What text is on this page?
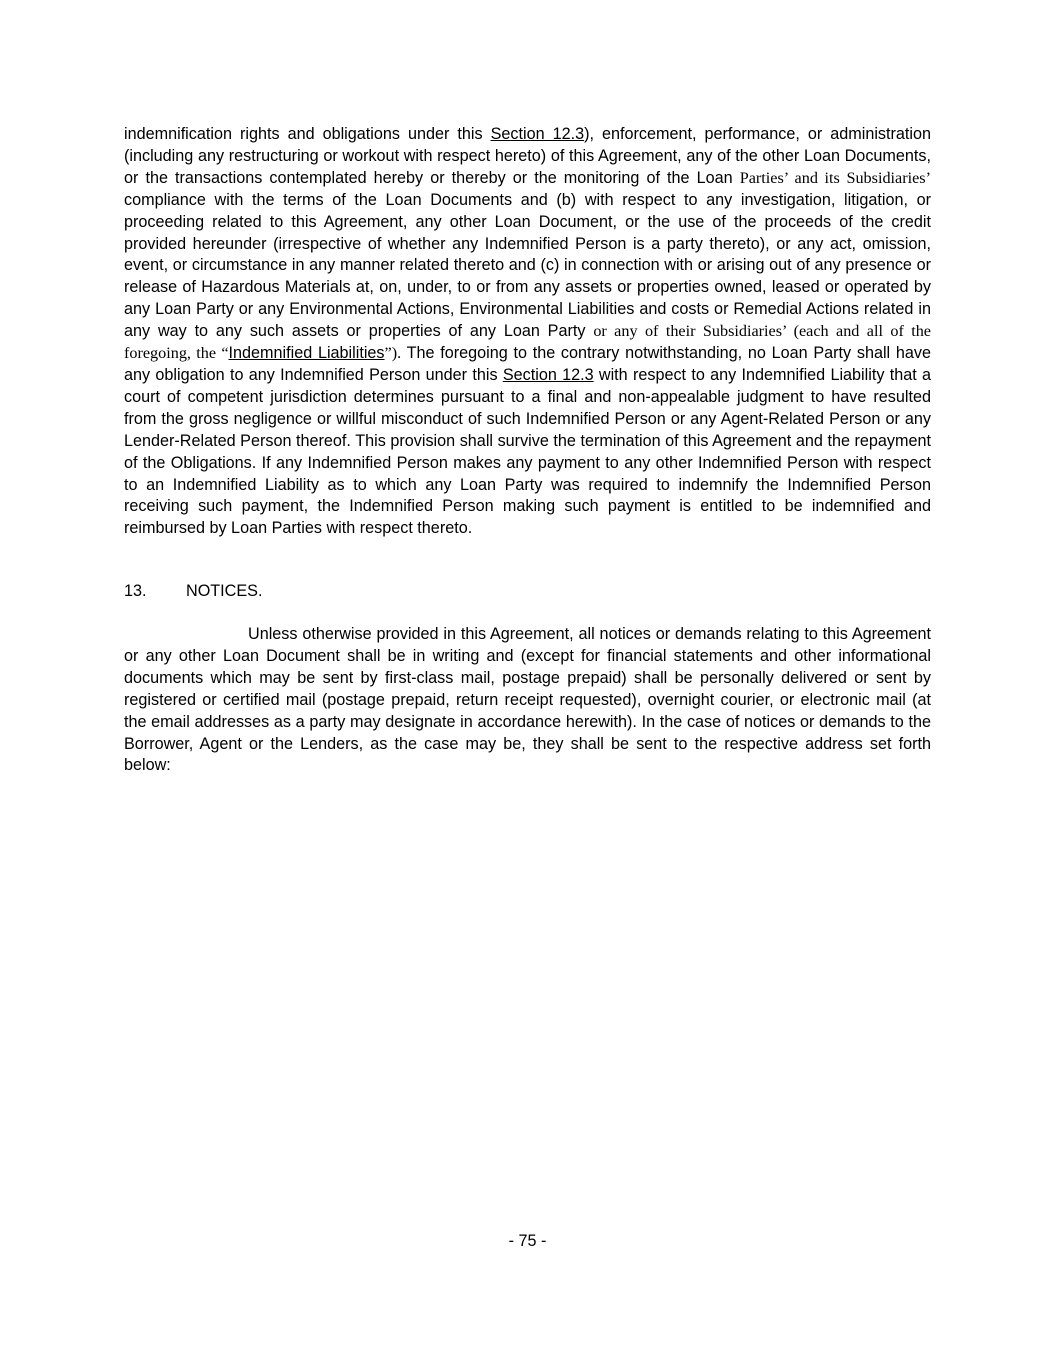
indemnification rights and obligations under this Section 12.3), enforcement, performance, or administration (including any restructuring or workout with respect hereto) of this Agreement, any of the other Loan Documents, or the transactions contemplated hereby or thereby or the monitoring of the Loan Parties’ and its Subsidiaries’ compliance with the terms of the Loan Documents and (b) with respect to any investigation, litigation, or proceeding related to this Agreement, any other Loan Document, or the use of the proceeds of the credit provided hereunder (irrespective of whether any Indemnified Person is a party thereto), or any act, omission, event, or circumstance in any manner related thereto and (c) in connection with or arising out of any presence or release of Hazardous Materials at, on, under, to or from any assets or properties owned, leased or operated by any Loan Party or any Environmental Actions, Environmental Liabilities and costs or Remedial Actions related in any way to any such assets or properties of any Loan Party or any of their Subsidiaries’ (each and all of the foregoing, the “Indemnified Liabilities”). The foregoing to the contrary notwithstanding, no Loan Party shall have any obligation to any Indemnified Person under this Section 12.3 with respect to any Indemnified Liability that a court of competent jurisdiction determines pursuant to a final and non-appealable judgment to have resulted from the gross negligence or willful misconduct of such Indemnified Person or any Agent-Related Person or any Lender-Related Person thereof. This provision shall survive the termination of this Agreement and the repayment of the Obligations. If any Indemnified Person makes any payment to any other Indemnified Person with respect to an Indemnified Liability as to which any Loan Party was required to indemnify the Indemnified Person receiving such payment, the Indemnified Person making such payment is entitled to be indemnified and reimbursed by Loan Parties with respect thereto.
13. NOTICES.
Unless otherwise provided in this Agreement, all notices or demands relating to this Agreement or any other Loan Document shall be in writing and (except for financial statements and other informational documents which may be sent by first-class mail, postage prepaid) shall be personally delivered or sent by registered or certified mail (postage prepaid, return receipt requested), overnight courier, or electronic mail (at the email addresses as a party may designate in accordance herewith). In the case of notices or demands to the Borrower, Agent or the Lenders, as the case may be, they shall be sent to the respective address set forth below:
- 75 -
